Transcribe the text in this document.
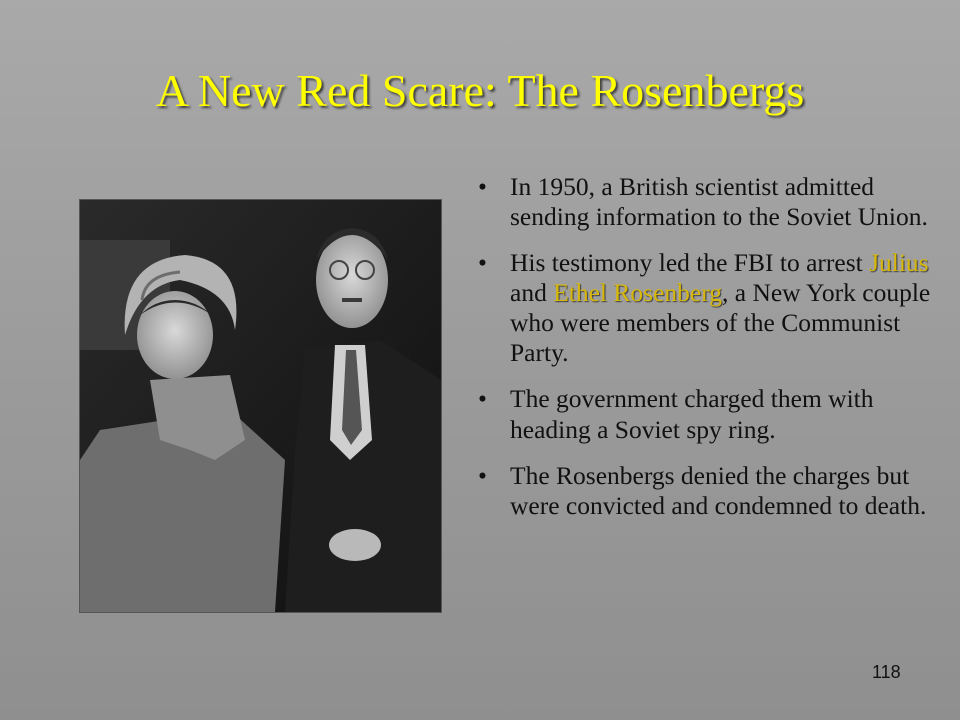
A New Red Scare: The Rosenbergs
• In 1950, a British scientist admitted sending information to the Soviet Union.
• His testimony led the FBI to arrest Julius and Ethel Rosenberg, a New York couple who were members of the Communist Party.
• The government charged them with heading a Soviet spy ring.
• The Rosenbergs denied the charges but were convicted and condemned to death.
118
